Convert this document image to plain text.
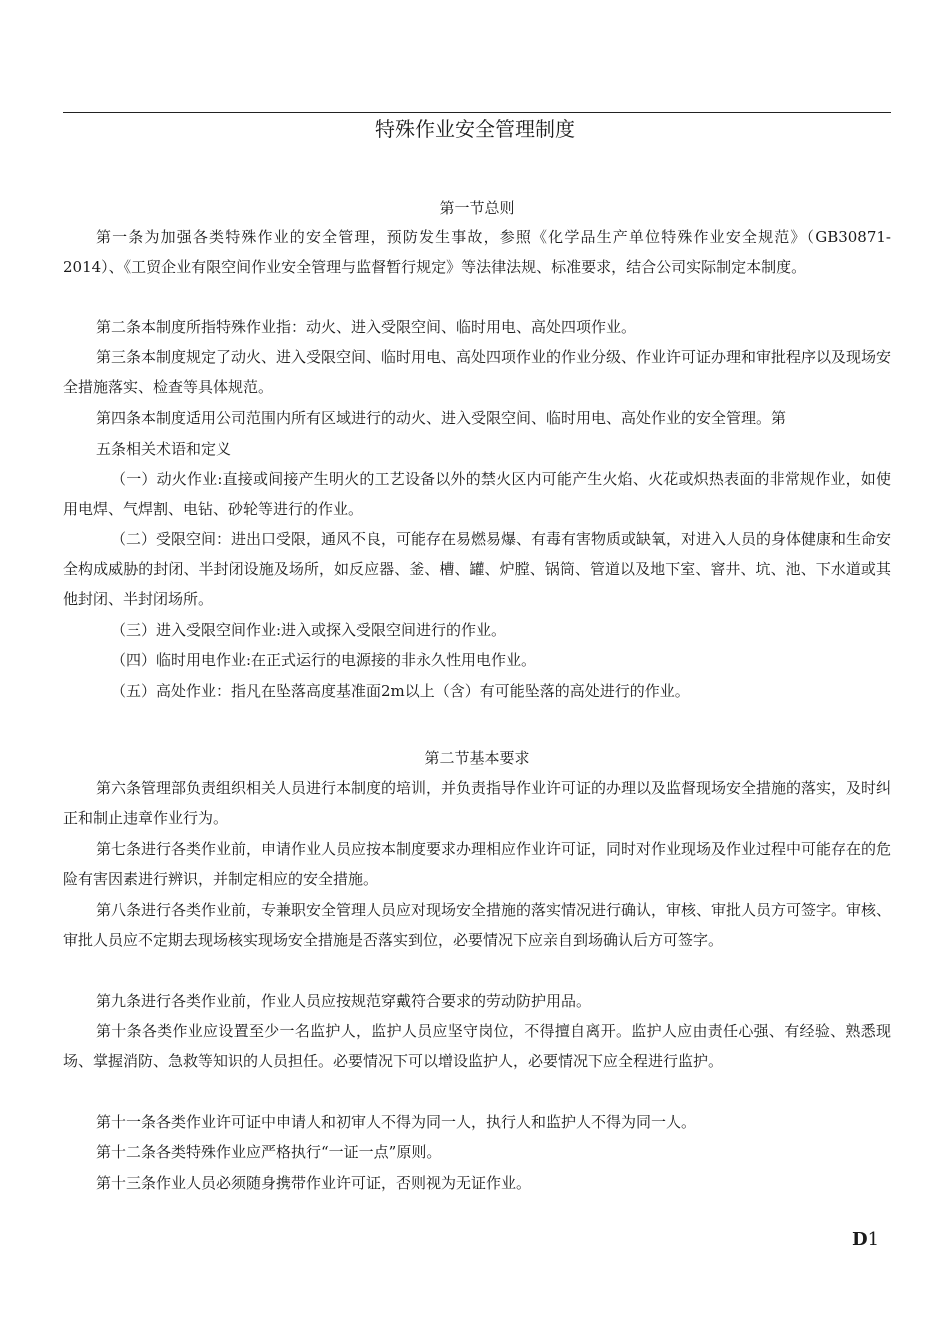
特殊作业安全管理制度
第一节总则

第一条为加强各类特殊作业的安全管理，预防发生事故，参照《化学品生产单位特殊作业安全规范》（GB30871-2014）、《工贸企业有限空间作业安全管理与监督暂行规定》等法律法规、标准要求，结合公司实际制定本制度。

第二条本制度所指特殊作业指：动火、进入受限空间、临时用电、高处四项作业。

第三条本制度规定了动火、进入受限空间、临时用电、高处四项作业的作业分级、作业许可证办理和审批程序以及现场安全措施落实、检查等具体规范。

第四条本制度适用公司范围内所有区域进行的动火、进入受限空间、临时用电、高处作业的安全管理。第

五条相关术语和定义

（一）动火作业:直接或间接产生明火的工艺设备以外的禁火区内可能产生火焰、火花或炽热表面的非常规作业，如使用电焊、气焊割、电钻、砂轮等进行的作业。

（二）受限空间：进出口受限，通风不良，可能存在易燃易爆、有毒有害物质或缺氧，对进入人员的身体健康和生命安全构成威胁的封闭、半封闭设施及场所，如反应器、釜、槽、罐、炉膛、锅筒、管道以及地下室、窨井、坑、池、下水道或其他封闭、半封闭场所。

（三）进入受限空间作业:进入或探入受限空间进行的作业。

（四）临时用电作业:在正式运行的电源接的非永久性用电作业。

（五）高处作业：指凡在坠落高度基准面2m以上（含）有可能坠落的高处进行的作业。

第二节基本要求

第六条管理部负责组织相关人员进行本制度的培训，并负责指导作业许可证的办理以及监督现场安全措施的落实，及时纠正和制止违章作业行为。

第七条进行各类作业前，申请作业人员应按本制度要求办理相应作业许可证，同时对作业现场及作业过程中可能存在的危险有害因素进行辨识，并制定相应的安全措施。

第八条进行各类作业前，专兼职安全管理人员应对现场安全措施的落实情况进行确认，审核、审批人员方可签字。审核、审批人员应不定期去现场核实现场安全措施是否落实到位，必要情况下应亲自到场确认后方可签字。

第九条进行各类作业前，作业人员应按规范穿戴符合要求的劳动防护用品。

第十条各类作业应设置至少一名监护人，监护人员应坚守岗位，不得擅自离开。监护人应由责任心强、有经验、熟悉现场、掌握消防、急救等知识的人员担任。必要情况下可以增设监护人，必要情况下应全程进行监护。

第十一条各类作业许可证中申请人和初审人不得为同一人，执行人和监护人不得为同一人。

第十二条各类特殊作业应严格执行“一证一点”原则。

第十三条作业人员必须随身携带作业许可证，否则视为无证作业。

D1
